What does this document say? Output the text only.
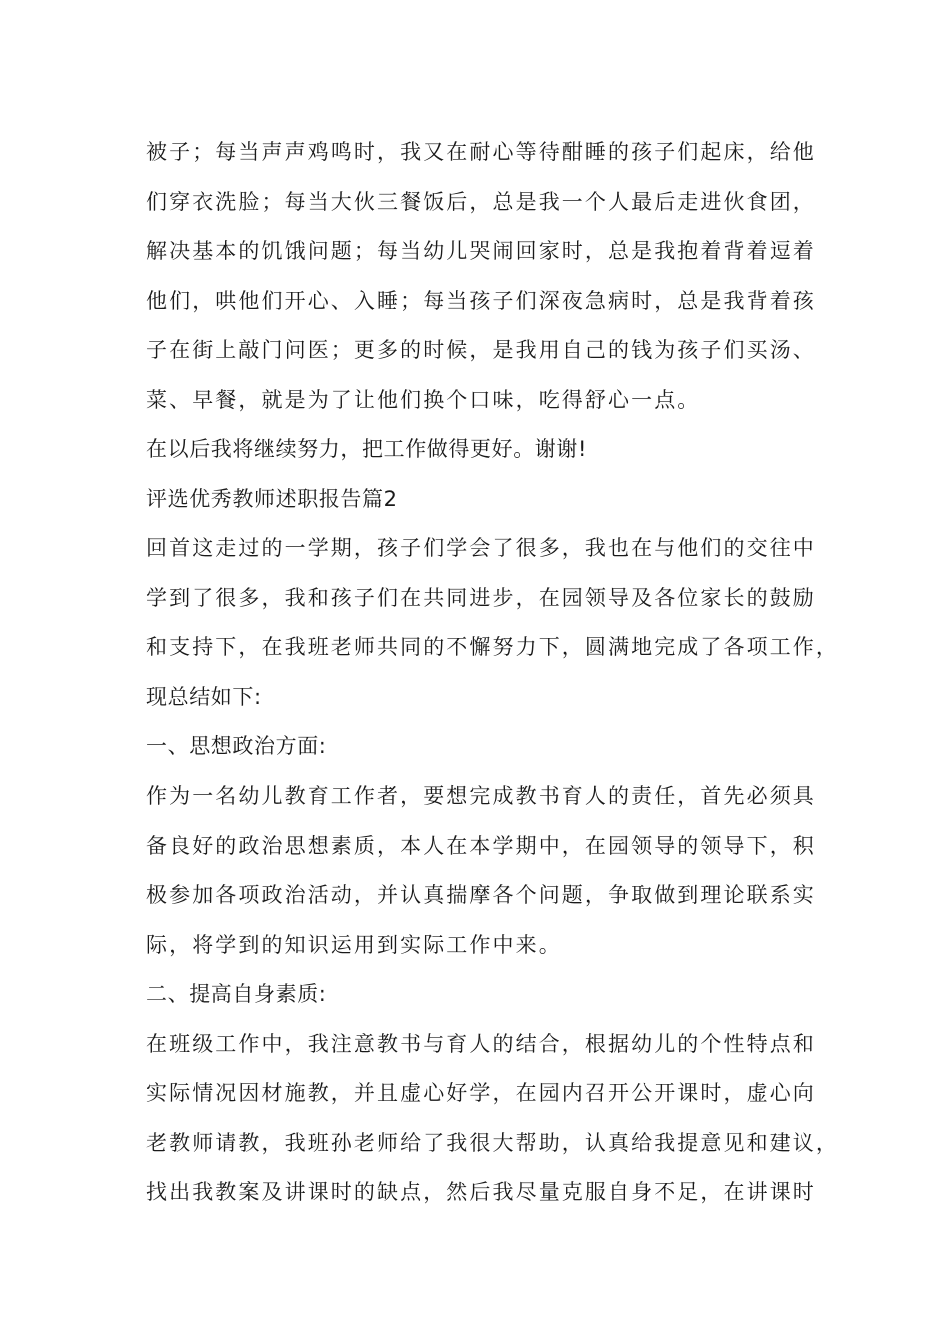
被子；每当声声鸡鸣时，我又在耐心等待酣睡的孩子们起床，给他
们穿衣洗脸；每当大伙三餐饭后，总是我一个人最后走进伙食团，
解决基本的饥饿问题；每当幼儿哭闹回家时，总是我抱着背着逗着
他们，哄他们开心、入睡；每当孩子们深夜急病时，总是我背着孩
子在街上敲门问医；更多的时候，是我用自己的钱为孩子们买汤、
菜、早餐，就是为了让他们换个口味，吃得舒心一点。
在以后我将继续努力，把工作做得更好。谢谢!
评选优秀教师述职报告篇2
回首这走过的一学期，孩子们学会了很多，我也在与他们的交往中
学到了很多，我和孩子们在共同进步，在园领导及各位家长的鼓励
和支持下，在我班老师共同的不懈努力下，圆满地完成了各项工作，
现总结如下:
一、思想政治方面:
作为一名幼儿教育工作者，要想完成教书育人的责任，首先必须具
备良好的政治思想素质，本人在本学期中，在园领导的领导下，积
极参加各项政治活动，并认真揣摩各个问题，争取做到理论联系实
际，将学到的知识运用到实际工作中来。
二、提高自身素质:
在班级工作中，我注意教书与育人的结合，根据幼儿的个性特点和
实际情况因材施教，并且虚心好学，在园内召开公开课时，虚心向
老教师请教，我班孙老师给了我很大帮助，认真给我提意见和建议，
找出我教案及讲课时的缺点，然后我尽量克服自身不足，在讲课时
